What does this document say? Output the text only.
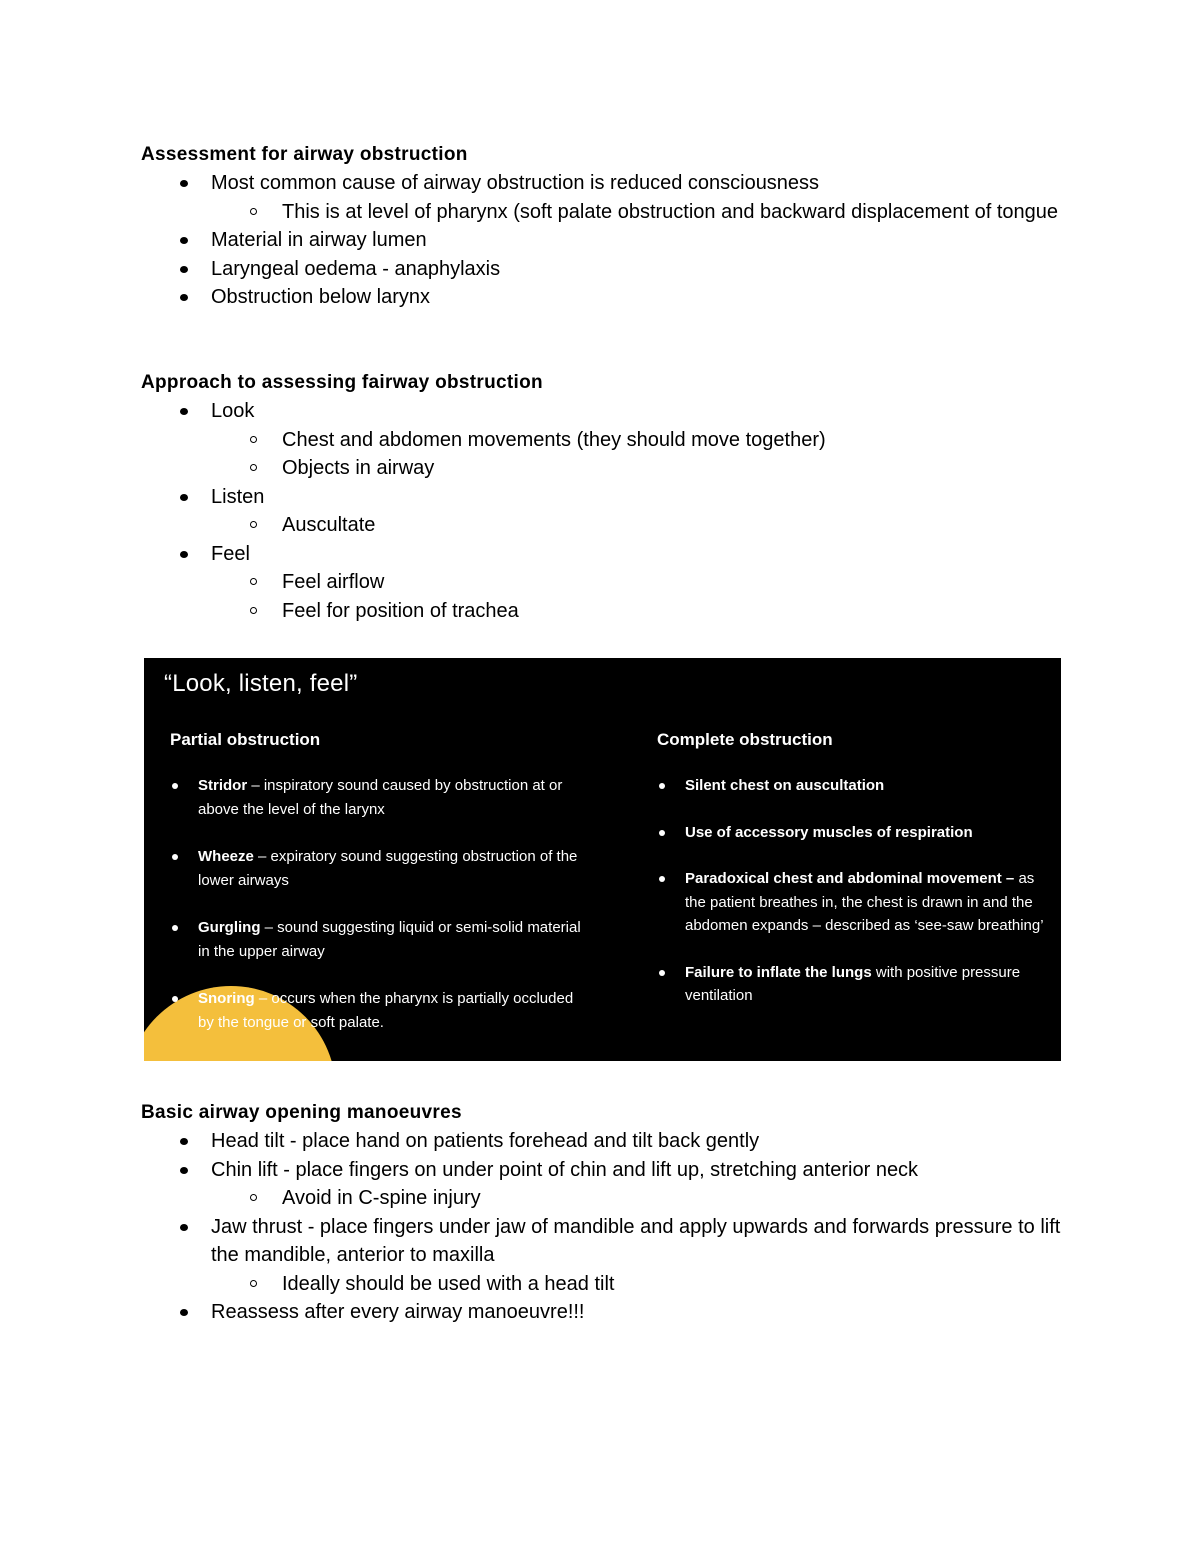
Assessment for airway obstruction
Most common cause of airway obstruction is reduced consciousness
This is at level of pharynx (soft palate obstruction and backward displacement of tongue
Material in airway lumen
Laryngeal oedema - anaphylaxis
Obstruction below larynx
Approach to assessing fairway obstruction
Look
Chest and abdomen movements (they should move together)
Objects in airway
Listen
Auscultate
Feel
Feel airflow
Feel for position of trachea
“Look, listen, feel”
Partial obstruction
Stridor – inspiratory sound caused by obstruction at or above the level of the larynx
Wheeze – expiratory sound suggesting obstruction of the lower airways
Gurgling – sound suggesting liquid or semi-solid material in the upper airway
Snoring – occurs when the pharynx is partially occluded by the tongue or soft palate.
Complete obstruction
Silent chest on auscultation
Use of accessory muscles of respiration
Paradoxical chest and abdominal movement – as the patient breathes in, the chest is drawn in and the abdomen expands – described as ‘see-saw breathing’
Failure to inflate the lungs with positive pressure ventilation
Basic airway opening manoeuvres
Head tilt - place hand on patients forehead and tilt back gently
Chin lift - place fingers on under point of chin and lift up, stretching anterior neck
Avoid in C-spine injury
Jaw thrust - place fingers under jaw of mandible and apply upwards and forwards pressure to lift the mandible, anterior to maxilla
Ideally should be used with a head tilt
Reassess after every airway manoeuvre!!!
